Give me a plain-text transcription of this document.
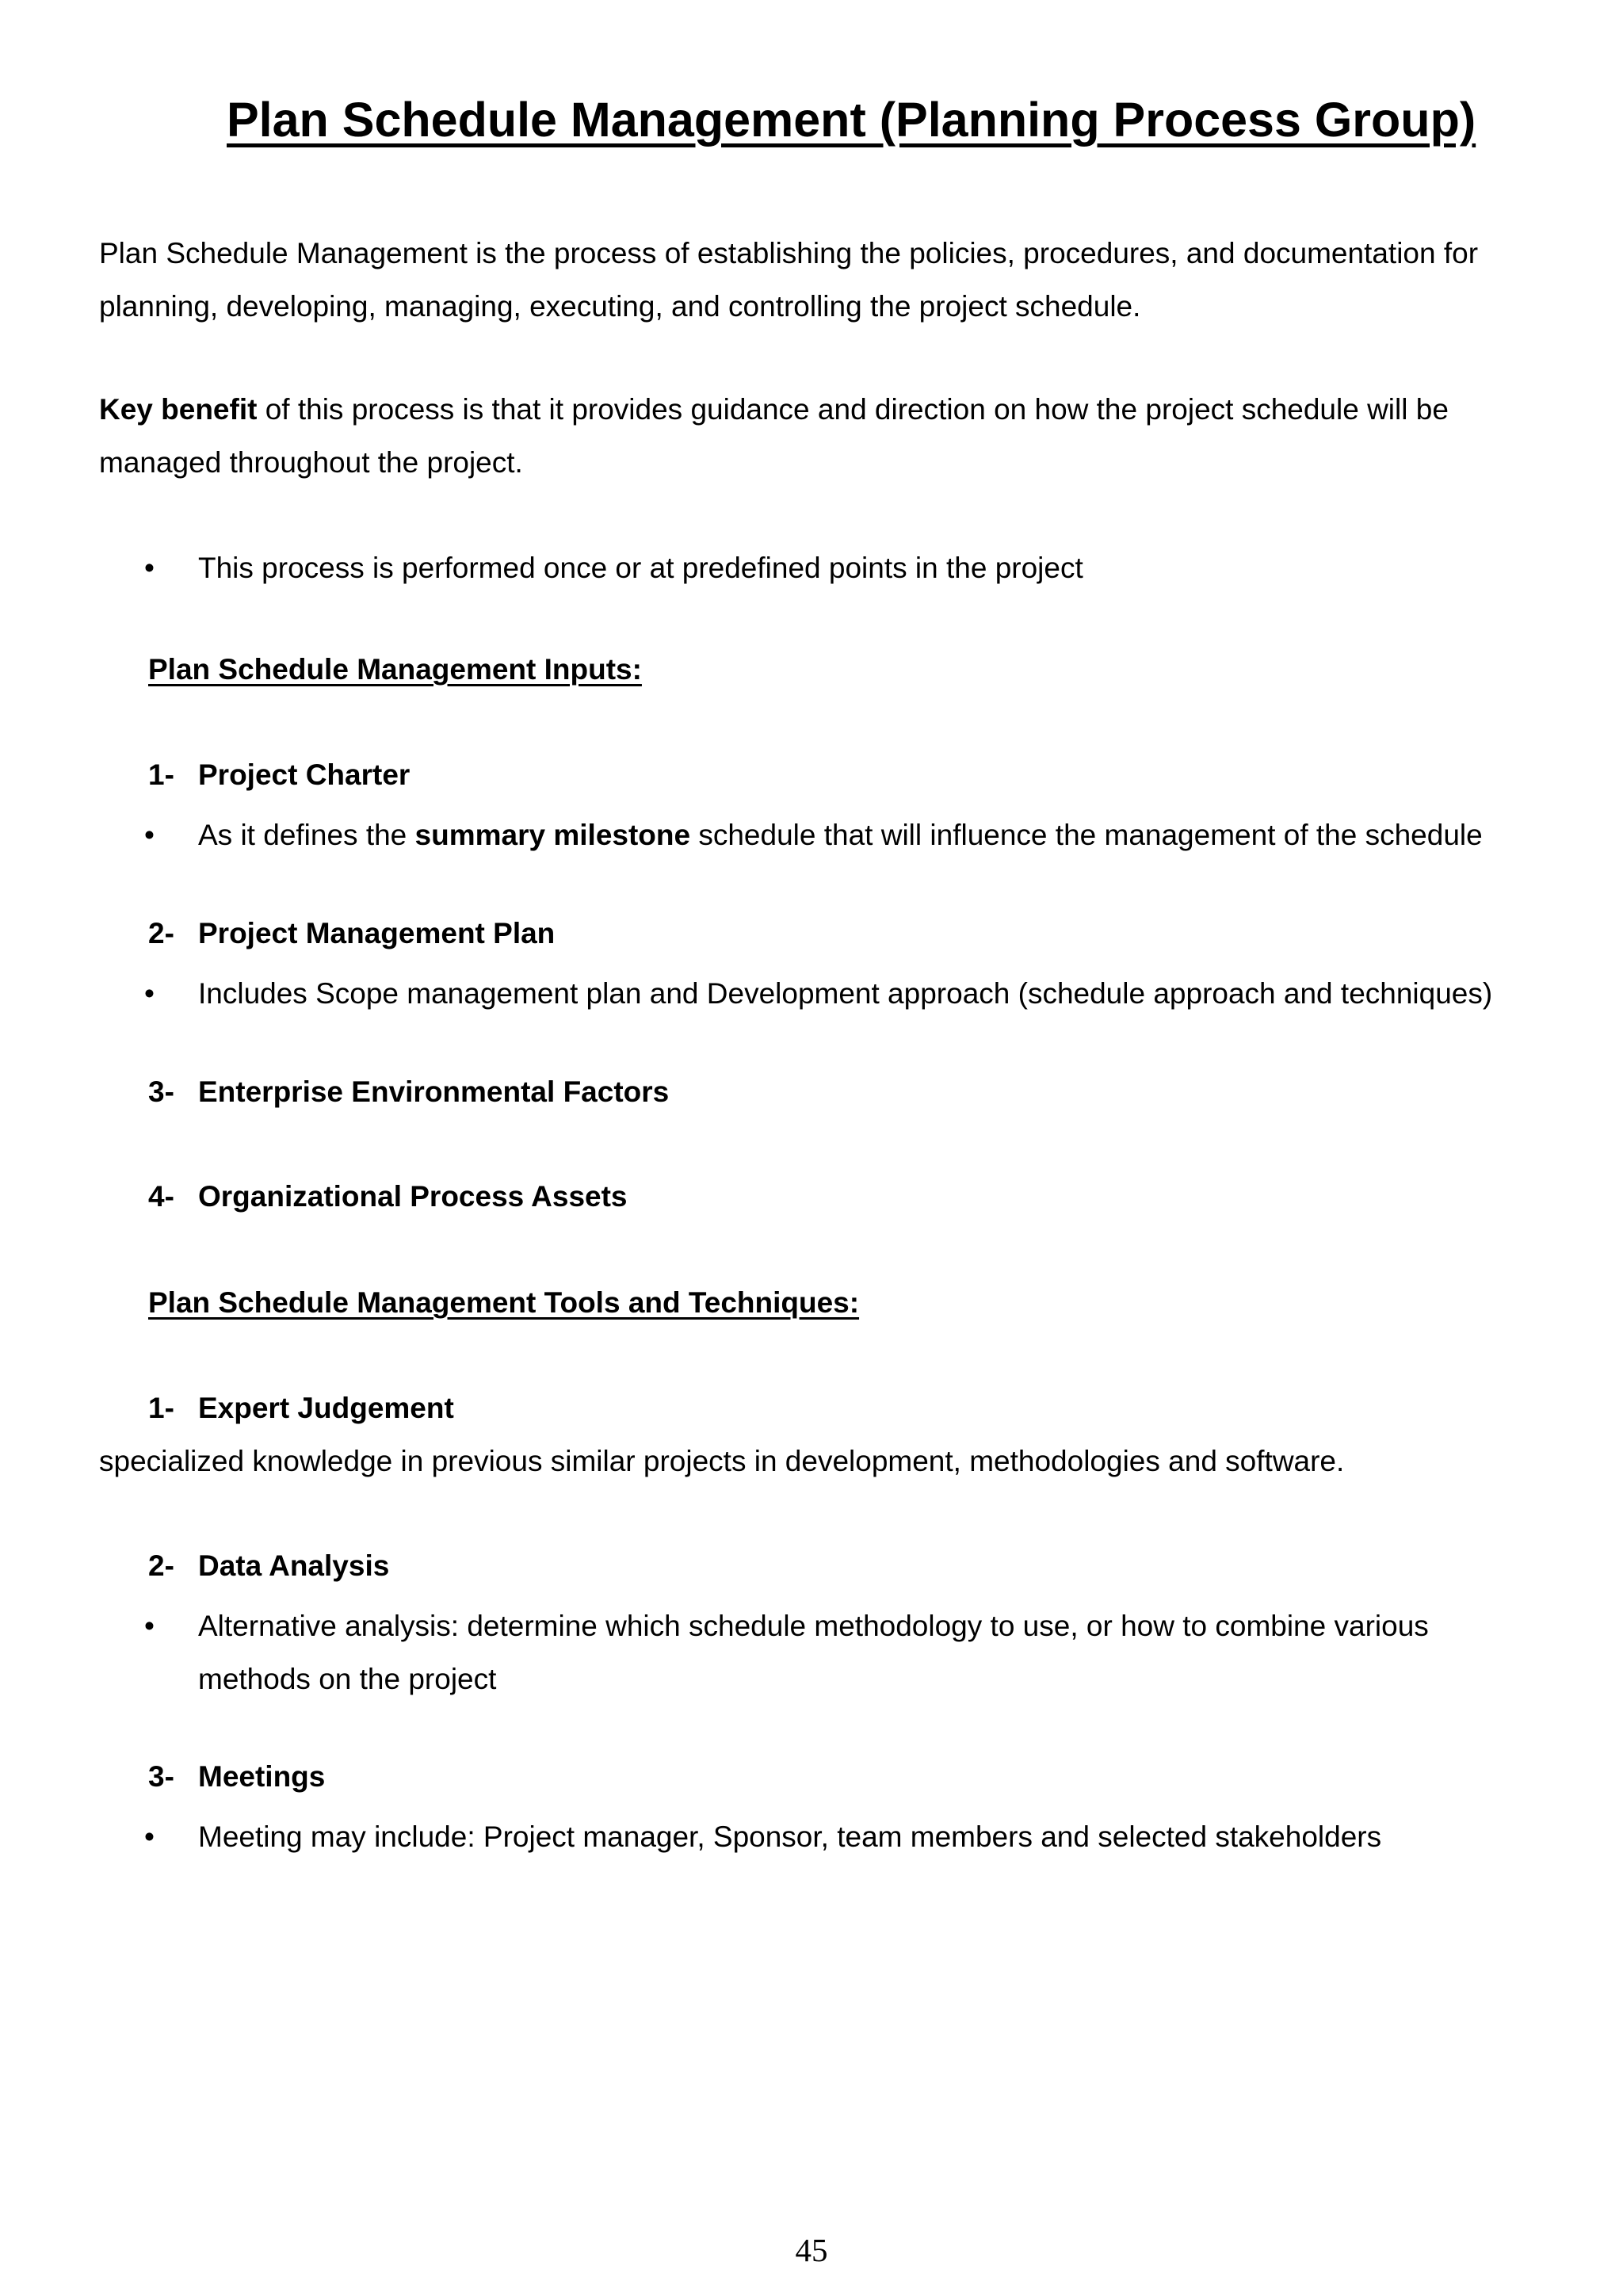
Plan Schedule Management (Planning Process Group)
Plan Schedule Management is the process of establishing the policies, procedures, and documentation for planning, developing, managing, executing, and controlling the project schedule.
Key benefit of this process is that it provides guidance and direction on how the project schedule will be managed throughout the project.
• This process is performed once or at predefined points in the project
Plan Schedule Management Inputs:
1- Project Charter
• As it defines the summary milestone schedule that will influence the management of the schedule
2- Project Management Plan
• Includes Scope management plan and Development approach (schedule approach and techniques)
3- Enterprise Environmental Factors
4- Organizational Process Assets
Plan Schedule Management Tools and Techniques:
1- Expert Judgement
specialized knowledge in previous similar projects in development, methodologies and software.
2- Data Analysis
• Alternative analysis: determine which schedule methodology to use, or how to combine various methods on the project
3- Meetings
• Meeting may include: Project manager, Sponsor, team members and selected stakeholders
45
